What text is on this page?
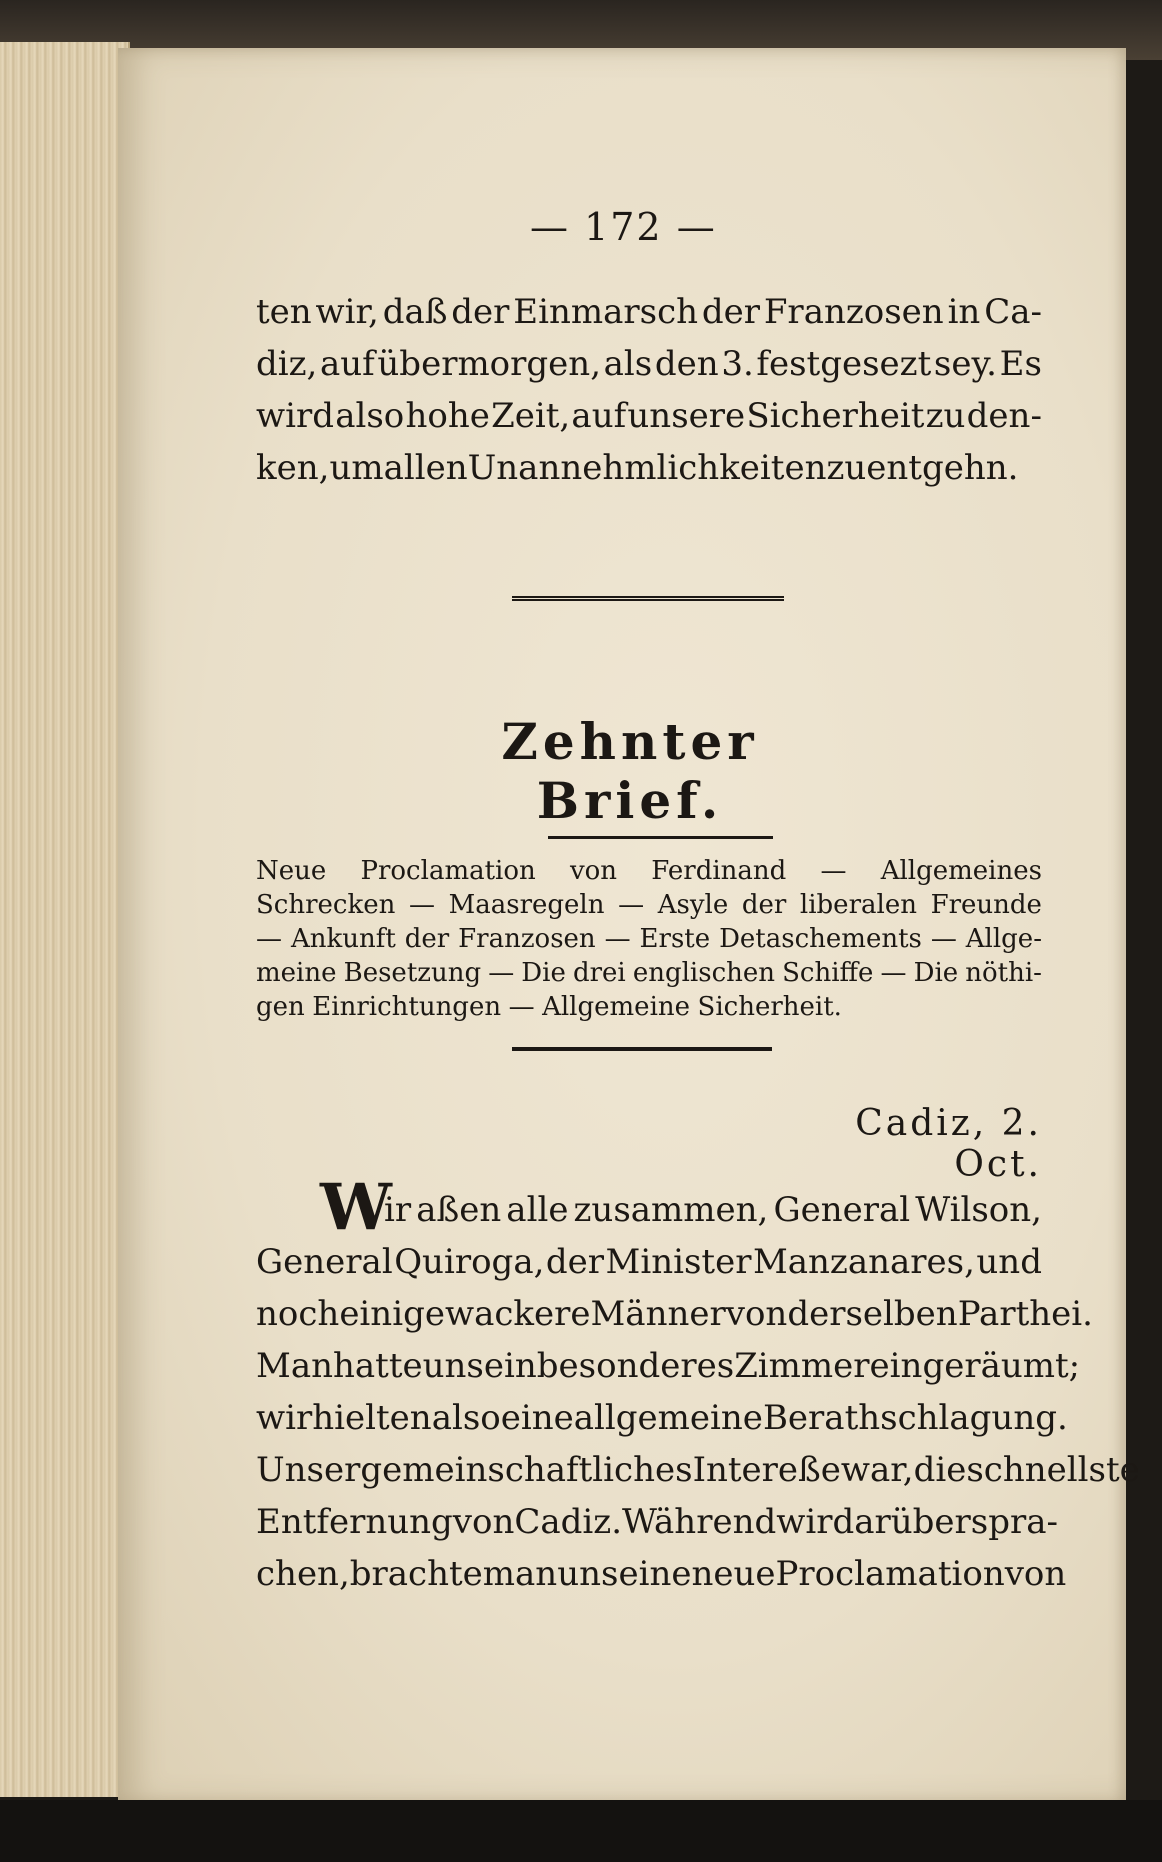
— 172 —
ten wir, daß der Einmarsch der Franzosen in Ca-
diz, auf übermorgen, als den 3. festgesezt sey. Es
wird also hohe Zeit, auf unsere Sicherheit zu den-
ken, um allen Unannehmlichkeiten zu entgehn.
Zehnter Brief.
Neue Proclamation von Ferdinand — Allgemeines
Schrecken — Maasregeln — Asyle der liberalen Freunde
— Ankunft der Franzosen — Erste Detaschements — Allge-
meine Besetzung — Die drei englischen Schiffe — Die nöthi-
gen Einrichtungen — Allgemeine Sicherheit.
Cadiz, 2. Oct.
W
ir aßen alle zusammen, General Wilson,
General Quiroga, der Minister Manzanares, und
noch einige wackere Männer von derselben Parthei.
Man hatte uns ein besonderes Zimmer eingeräumt;
wir hielten also eine allgemeine Berathschlagung.
Unser gemeinschaftliches Intereße war, die schnellste
Entfernung von Cadiz. Während wir darüber spra-
chen, brachte man uns eine neue Proclamation von
